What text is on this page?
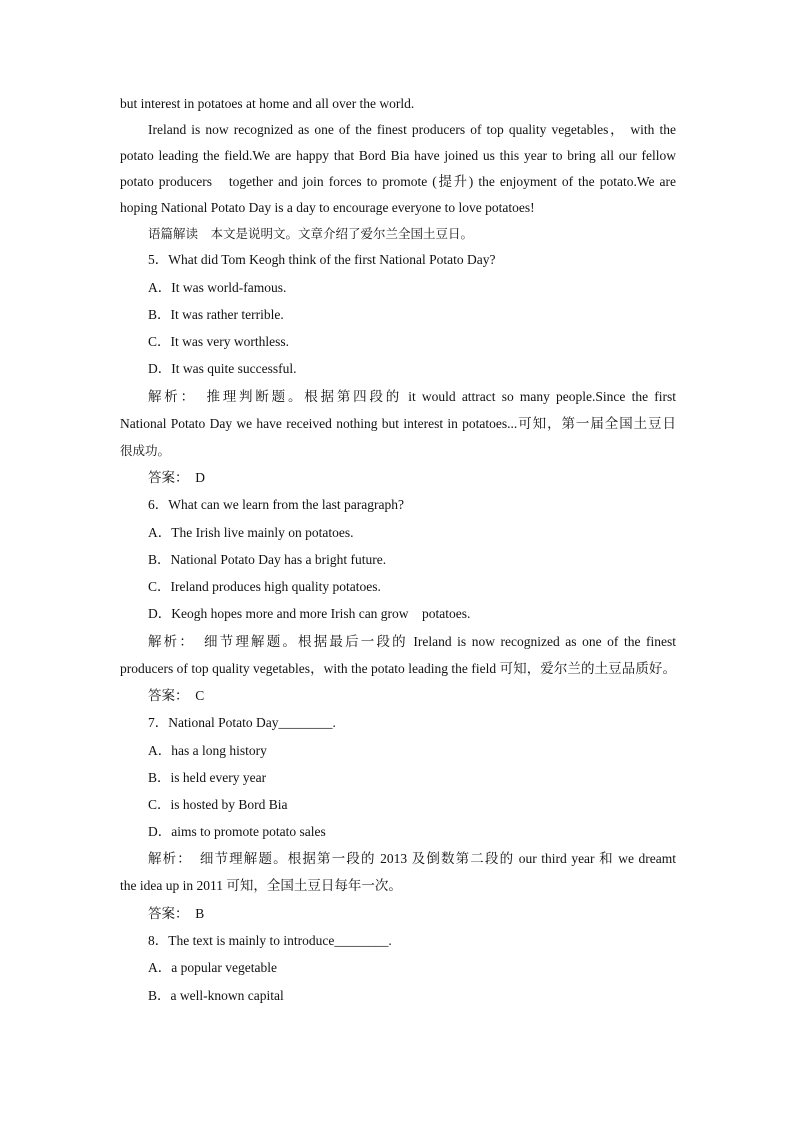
but interest in potatoes at home and all over the world.
Ireland is now recognized as one of the finest producers of top quality vegetables， with the
potato leading the field.We are happy that Bord Bia have joined us this year to bring all our fellow
potato producers　together and join forces to promote (提升) the enjoyment of the potato.We are
hoping National Potato Day is a day to encourage everyone to love potatoes!
语篇解读　本文是说明文。文章介绍了爱尔兰全国土豆日。
5．What did Tom Keogh think of the first National Potato Day?
A．It was world-famous.
B．It was rather terrible.
C．It was very worthless.
D．It was quite successful.
解析：　推理判断题。根据第四段的 it would attract so many people.Since the first
National Potato Day we have received nothing but interest in potatoes...可知，第一届全国土豆日
很成功。
答案：　D
6．What can we learn from the last paragraph?
A．The Irish live mainly on potatoes.
B．National Potato Day has a bright future.
C．Ireland produces high quality potatoes.
D．Keogh hopes more and more Irish can grow　potatoes.
解析：　细节理解题。根据最后一段的 Ireland is now recognized as one of the finest
producers of top quality vegetables，with the potato leading the field 可知，爱尔兰的土豆品质好。
答案：　C
7．National Potato Day________.
A．has a long history
B．is held every year
C．is hosted by Bord Bia
D．aims to promote potato sales
解析：　细节理解题。根据第一段的 2013 及倒数第二段的 our third year 和 we dreamt
the idea up in 2011 可知，全国土豆日每年一次。
答案：　B
8．The text is mainly to introduce________.
A．a popular vegetable
B．a well-known capital
